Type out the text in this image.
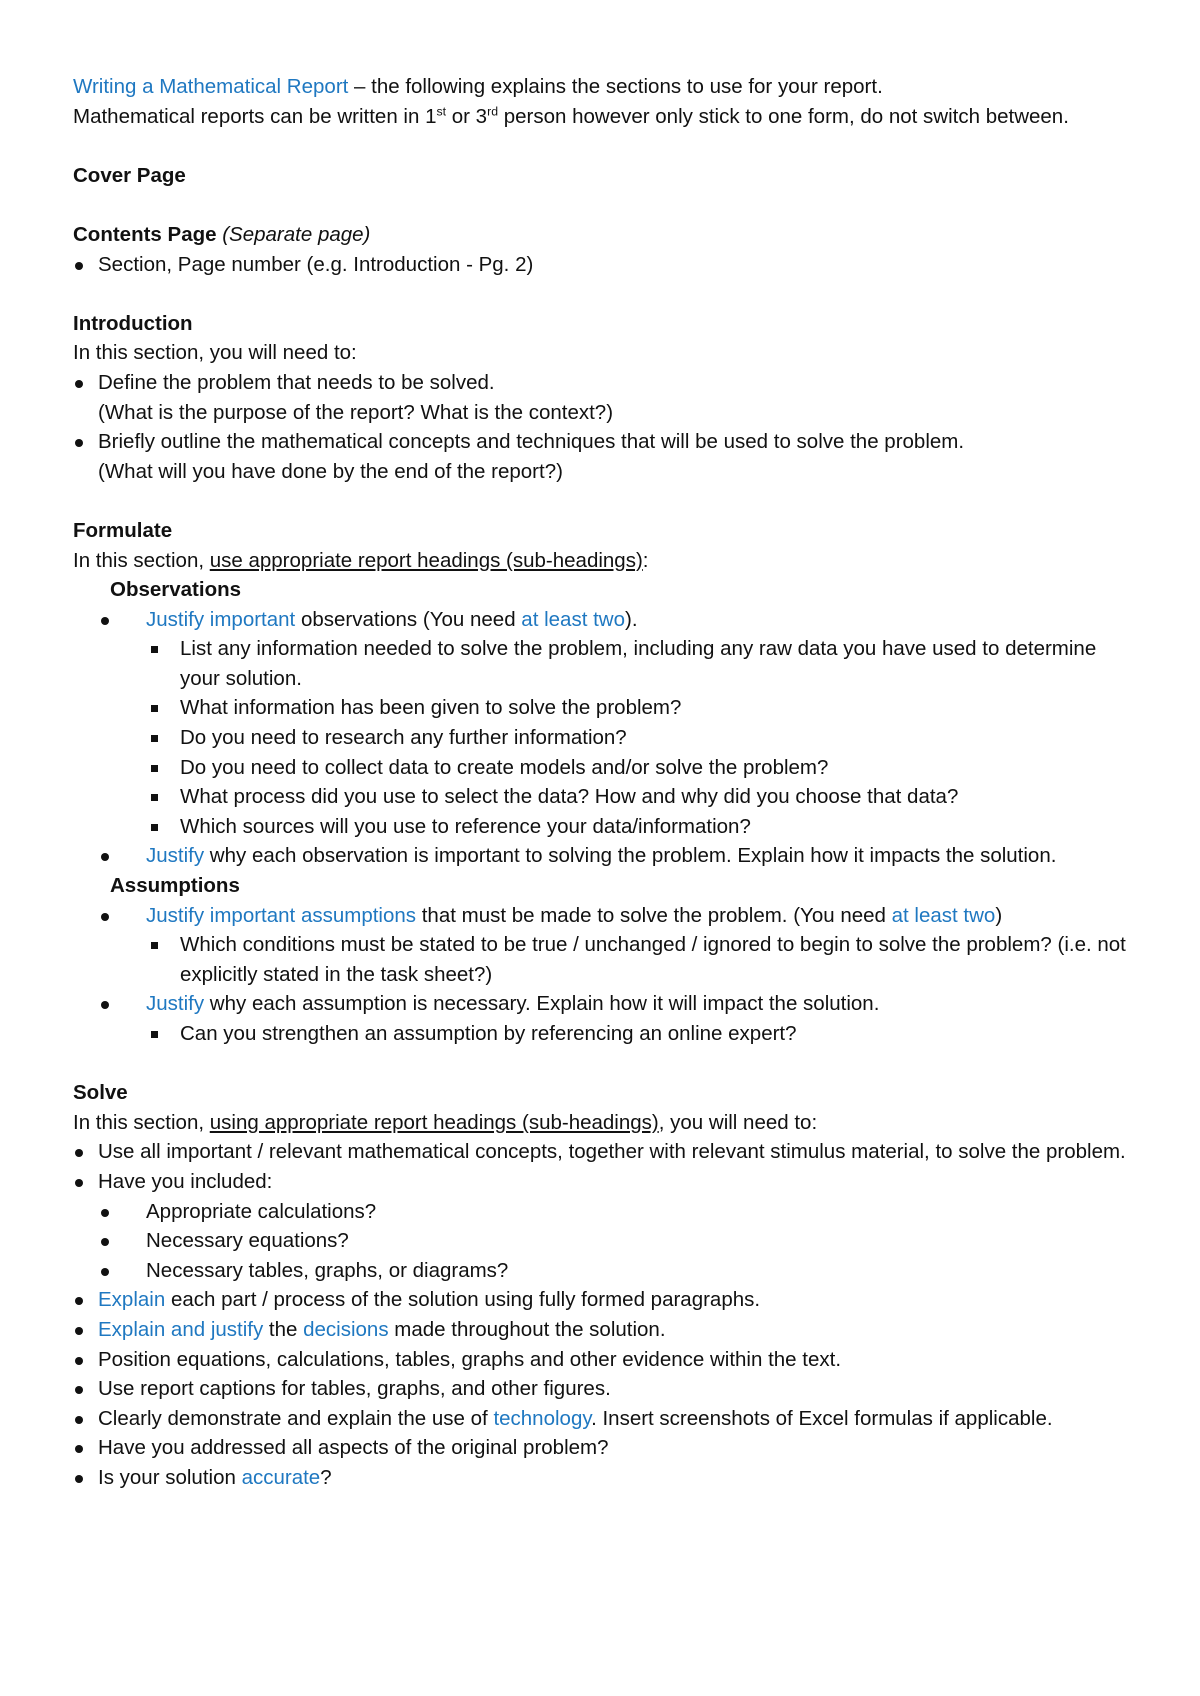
Writing a Mathematical Report – the following explains the sections to use for your report.
Mathematical reports can be written in 1st or 3rd person however only stick to one form, do not switch between.

Cover Page

Contents Page (Separate page)

Section, Page number (e.g. Introduction - Pg. 2)

Introduction

In this section, you will need to:

Define the problem that needs to be solved.
(What is the purpose of the report? What is the context?)
Briefly outline the mathematical concepts and techniques that will be used to solve the problem.
(What will you have done by the end of the report?)

Formulate

In this section, use appropriate report headings (sub-headings):

Observations

Justify important observations (You need at least two).
List any information needed to solve the problem, including any raw data you have used to determine your solution.
What information has been given to solve the problem?
Do you need to research any further information?
Do you need to collect data to create models and/or solve the problem?
What process did you use to select the data? How and why did you choose that data?
Which sources will you use to reference your data/information?
Justify why each observation is important to solving the problem. Explain how it impacts the solution.

Assumptions

Justify important assumptions that must be made to solve the problem. (You need at least two)
Which conditions must be stated to be true / unchanged / ignored to begin to solve the problem? (i.e. not explicitly stated in the task sheet?)
Justify why each assumption is necessary. Explain how it will impact the solution.
Can you strengthen an assumption by referencing an online expert?

Solve

In this section, using appropriate report headings (sub-headings), you will need to:

Use all important / relevant mathematical concepts, together with relevant stimulus material, to solve the problem.
Have you included:
Appropriate calculations?
Necessary equations?
Necessary tables, graphs, or diagrams?
Explain each part / process of the solution using fully formed paragraphs.
Explain and justify the decisions made throughout the solution.
Position equations, calculations, tables, graphs and other evidence within the text.
Use report captions for tables, graphs, and other figures.
Clearly demonstrate and explain the use of technology. Insert screenshots of Excel formulas if applicable.
Have you addressed all aspects of the original problem?
Is your solution accurate?
